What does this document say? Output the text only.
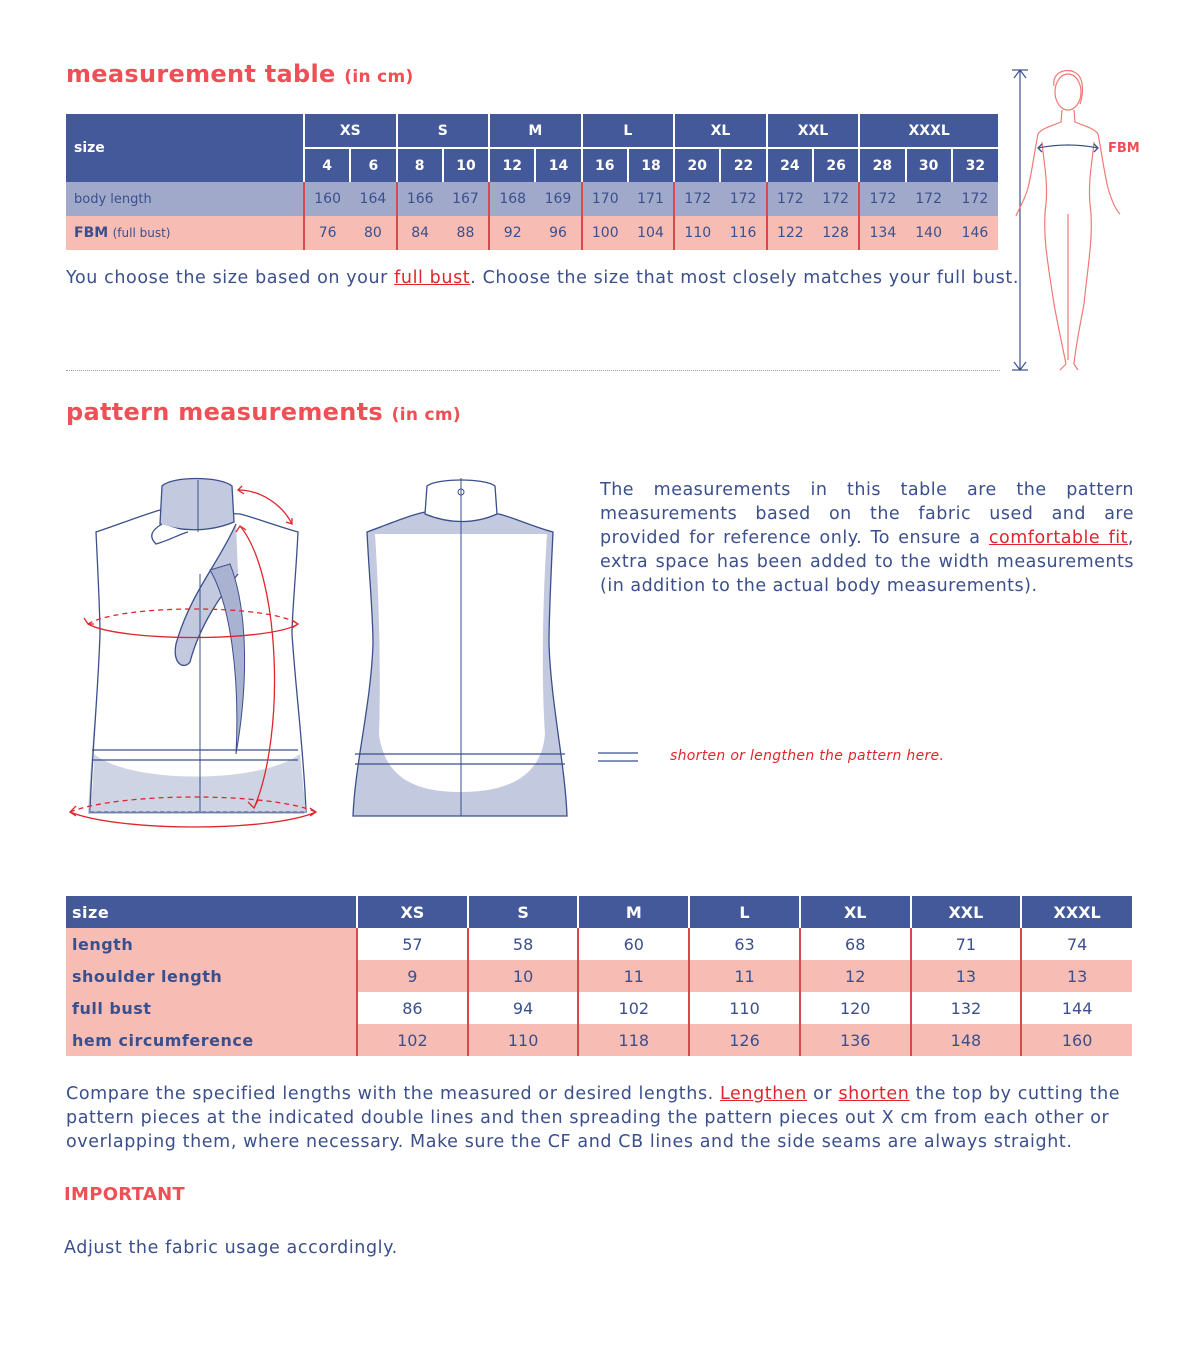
measurement table (in cm)
size	XS		S		M		L		XL		XXL		XXXL		
	4	6	8	10	12	14	16	18	20	22	24	26	28	30	32
body length	160	164	166	167	168	169	170	171	172	172	172	172	172	172	172
FBM (full bust)	76	80	84	88	92	96	100	104	110	116	122	128	134	140	146
You choose the size based on your full bust. Choose the size that most closely matches your full bust.
FBM
pattern measurements (in cm)
The measurements in this table are the pattern measurements based on the fabric used and are provided for reference only. To ensure a comfortable fit, extra space has been added to the width measurements (in addition to the actual body measurements).
shorten or lengthen the pattern here.
size	XS	S	M	L	XL	XXL	XXXL
length	57	58	60	63	68	71	74
shoulder length	9	10	11	11	12	13	13
full bust	86	94	102	110	120	132	144
hem circumference	102	110	118	126	136	148	160
Compare the specified lengths with the measured or desired lengths. Lengthen or shorten the top by cutting the pattern pieces at the indicated double lines and then spreading the pattern pieces out X cm from each other or overlapping them, where necessary. Make sure the CF and CB lines and the side seams are always straight.
IMPORTANT
Adjust the fabric usage accordingly.
